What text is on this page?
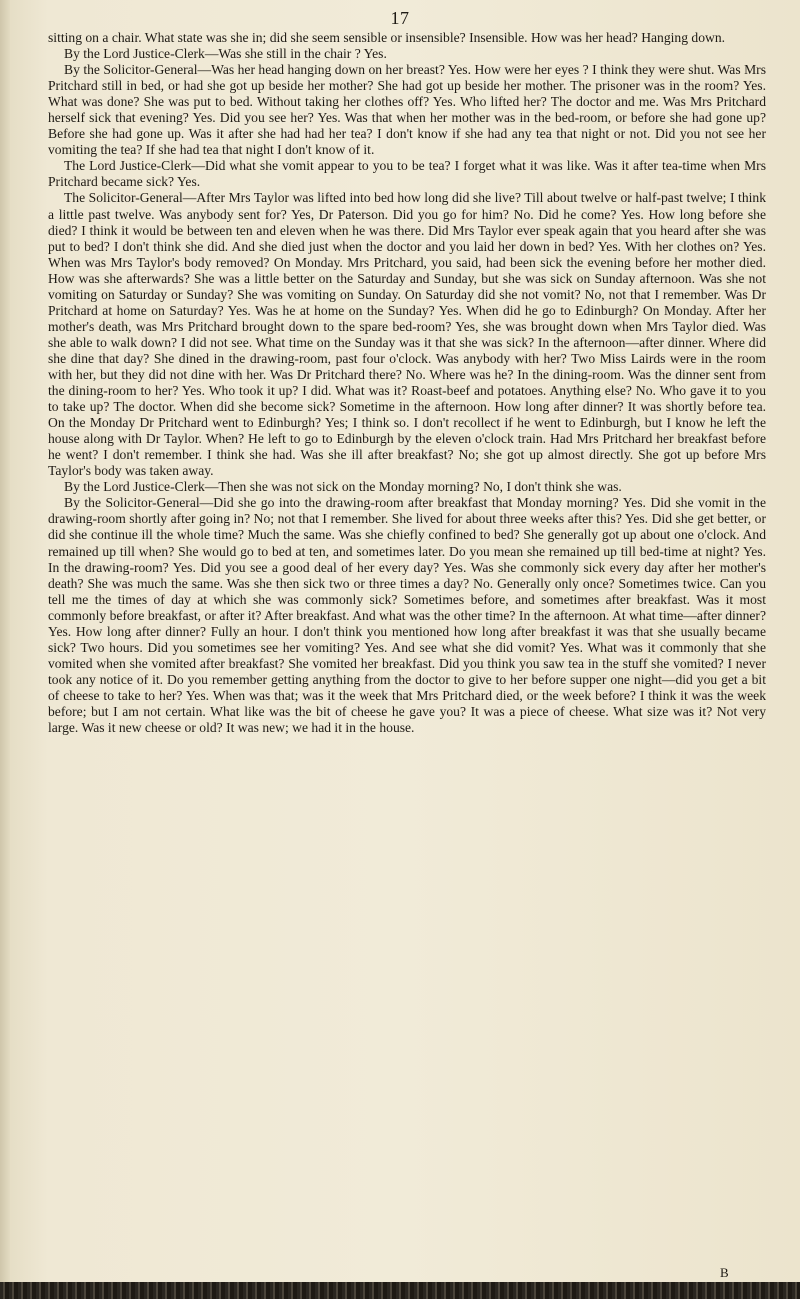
17

sitting on a chair. What state was she in; did she seem sensible or insensible? Insensible. How was her head? Hanging down.

By the Lord Justice-Clerk—Was she still in the chair ? Yes.

By the Solicitor-General—Was her head hanging down on her breast? Yes. How were her eyes ? I think they were shut. Was Mrs Pritchard still in bed, or had she got up beside her mother? She had got up beside her mother. The prisoner was in the room? Yes. What was done? She was put to bed. Without taking her clothes off? Yes. Who lifted her? The doctor and me. Was Mrs Pritchard herself sick that evening? Yes. Did you see her? Yes. Was that when her mother was in the bed-room, or before she had gone up? Before she had gone up. Was it after she had had her tea? I don't know if she had any tea that night or not. Did you not see her vomiting the tea? If she had tea that night I don't know of it.

The Lord Justice-Clerk—Did what she vomit appear to you to be tea? I forget what it was like. Was it after tea-time when Mrs Pritchard became sick? Yes.

The Solicitor-General—After Mrs Taylor was lifted into bed how long did she live? Till about twelve or half-past twelve; I think a little past twelve. Was anybody sent for? Yes, Dr Paterson. Did you go for him? No. Did he come? Yes. How long before she died? I think it would be between ten and eleven when he was there. Did Mrs Taylor ever speak again that you heard after she was put to bed? I don't think she did. And she died just when the doctor and you laid her down in bed? Yes. With her clothes on? Yes. When was Mrs Taylor's body removed? On Monday. Mrs Pritchard, you said, had been sick the evening before her mother died. How was she afterwards? She was a little better on the Saturday and Sunday, but she was sick on Sunday afternoon. Was she not vomiting on Saturday or Sunday? She was vomiting on Sunday. On Saturday did she not vomit? No, not that I remember. Was Dr Pritchard at home on Saturday? Yes. Was he at home on the Sunday? Yes. When did he go to Edinburgh? On Monday. After her mother's death, was Mrs Pritchard brought down to the spare bed-room? Yes, she was brought down when Mrs Taylor died. Was she able to walk down? I did not see. What time on the Sunday was it that she was sick? In the afternoon—after dinner. Where did she dine that day? She dined in the drawing-room, past four o'clock. Was anybody with her? Two Miss Lairds were in the room with her, but they did not dine with her. Was Dr Pritchard there? No. Where was he? In the dining-room. Was the dinner sent from the dining-room to her? Yes. Who took it up? I did. What was it? Roast-beef and potatoes. Anything else? No. Who gave it to you to take up? The doctor. When did she become sick? Sometime in the afternoon. How long after dinner? It was shortly before tea. On the Monday Dr Pritchard went to Edinburgh? Yes; I think so. I don't recollect if he went to Edinburgh, but I know he left the house along with Dr Taylor. When? He left to go to Edinburgh by the eleven o'clock train. Had Mrs Pritchard her breakfast before he went? I don't remember. I think she had. Was she ill after breakfast? No; she got up almost directly. She got up before Mrs Taylor's body was taken away.

By the Lord Justice-Clerk—Then she was not sick on the Monday morning? No, I don't think she was.

By the Solicitor-General—Did she go into the drawing-room after breakfast that Monday morning? Yes. Did she vomit in the drawing-room shortly after going in? No; not that I remember. She lived for about three weeks after this? Yes. Did she get better, or did she continue ill the whole time? Much the same. Was she chiefly confined to bed? She generally got up about one o'clock. And remained up till when? She would go to bed at ten, and sometimes later. Do you mean she remained up till bed-time at night? Yes. In the drawing-room? Yes. Did you see a good deal of her every day? Yes. Was she commonly sick every day after her mother's death? She was much the same. Was she then sick two or three times a day? No. Generally only once? Sometimes twice. Can you tell me the times of day at which she was commonly sick? Sometimes before, and sometimes after breakfast. Was it most commonly before breakfast, or after it? After breakfast. And what was the other time? In the afternoon. At what time—after dinner? Yes. How long after dinner? Fully an hour. I don't think you mentioned how long after breakfast it was that she usually became sick? Two hours. Did you sometimes see her vomiting? Yes. And see what she did vomit? Yes. What was it commonly that she vomited when she vomited after breakfast? She vomited her breakfast. Did you think you saw tea in the stuff she vomited? I never took any notice of it. Do you remember getting anything from the doctor to give to her before supper one night—did you get a bit of cheese to take to her? Yes. When was that; was it the week that Mrs Pritchard died, or the week before? I think it was the week before; but I am not certain. What like was the bit of cheese he gave you? It was a piece of cheese. What size was it? Not very large. Was it new cheese or old? It was new; we had it in the house.

B
